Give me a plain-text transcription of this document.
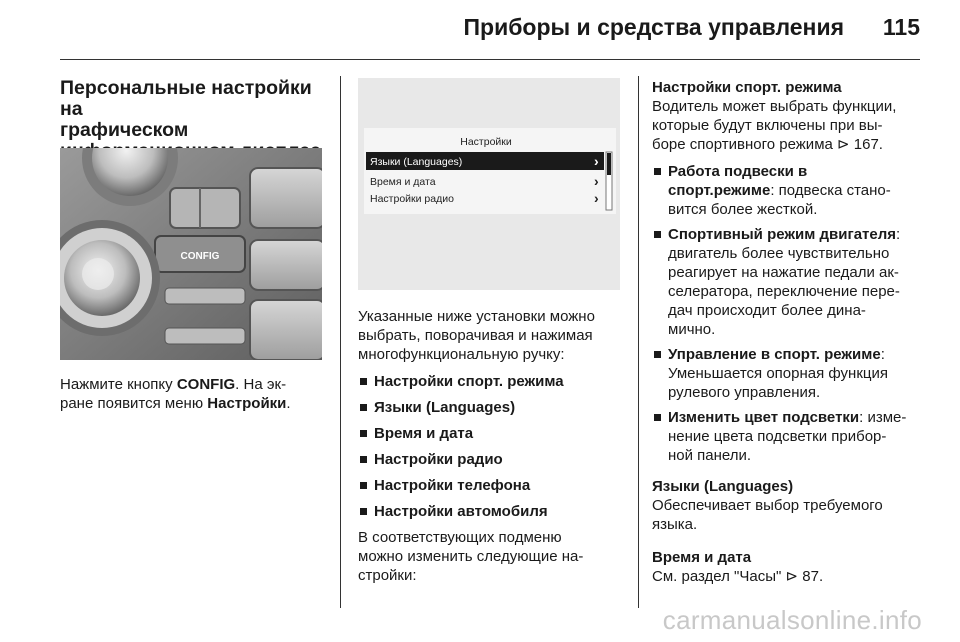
Приборы и средства управления 115
Персональные настройки на
графическом
CONFIG
Нажмите кнопку CONFIG. На эк-
ране появится меню Настройки.
Настройки
Языки (Languages)	›
Время и дата	›
Настройки радио	›
Указанные ниже установки можно
выбрать, поворачивая и нажимая
многофункциональную ручку:
Настройки спорт. режима
Языки (Languages)
Время и дата
Настройки радио
Настройки телефона
Настройки автомобиля
В соответствующих подменю
можно изменить следующие на-
стройки:
Настройки спорт. режима
Водитель может выбрать функции,
которые будут включены при вы-
боре спортивного режима ⊳ 167.
Работа подвески в
спорт.режиме: подвеска стано-
вится более жесткой.
Спортивный режим двигателя:
двигатель более чувствительно
реагирует на нажатие педали ак-
селератора, переключение пере-
дач происходит более дина-
мично.
Управление в спорт. режиме:
Уменьшается опорная функция
рулевого управления.
Изменить цвет подсветки: изме-
нение цвета подсветки прибор-
ной панели.
Языки (Languages)
Обеспечивает выбор требуемого
языка.
Время и дата
См. раздел "Часы" ⊳ 87.
carmanualsonline.info
